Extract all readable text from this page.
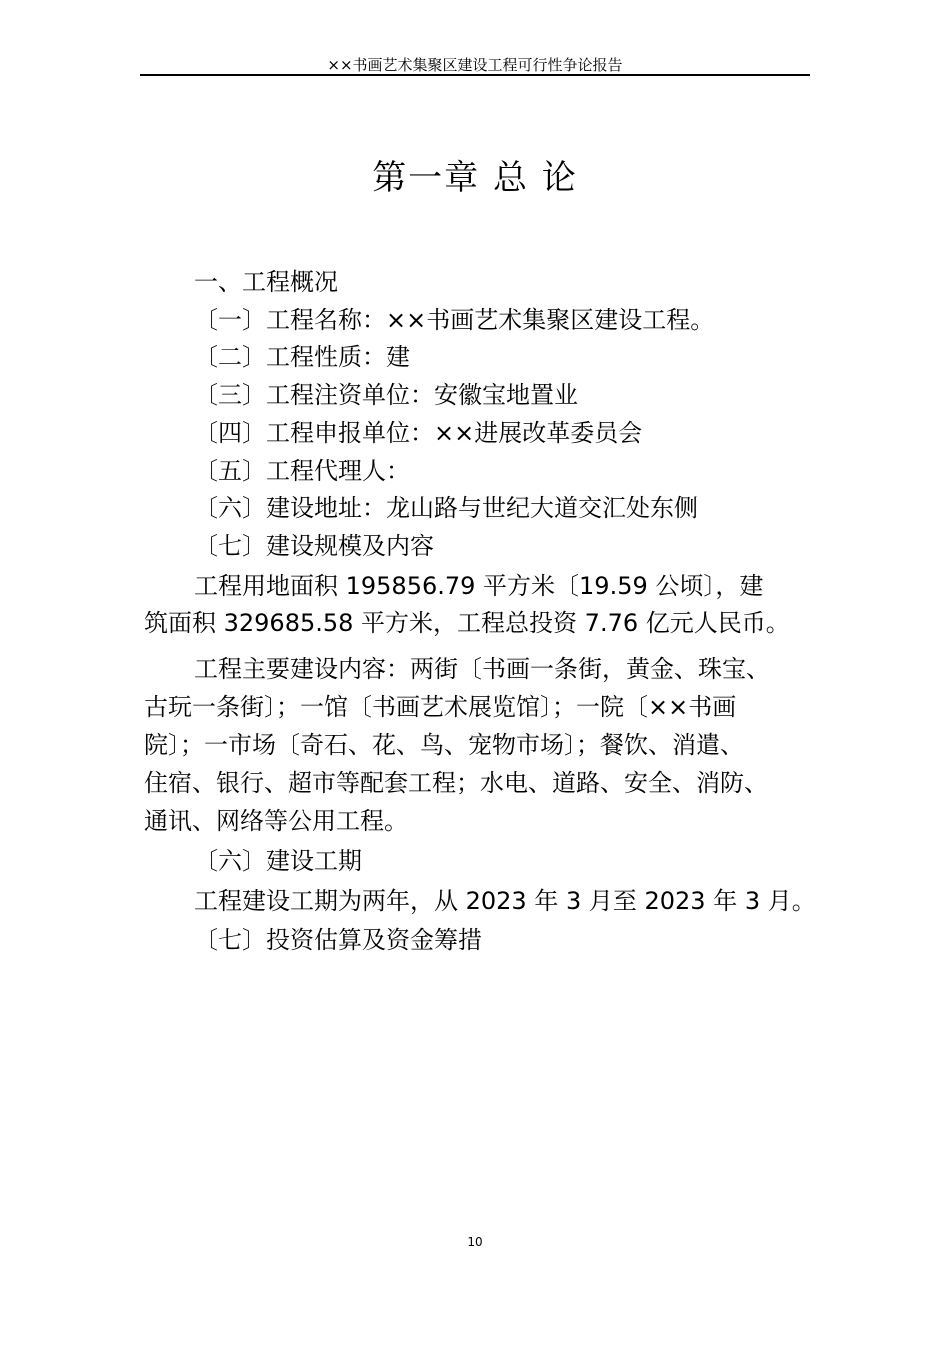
××书画艺术集聚区建设工程可行性争论报告
第一章 总 论
一、工程概况
〔一〕工程名称：××书画艺术集聚区建设工程。
〔二〕工程性质：建
〔三〕工程注资单位：安徽宝地置业
〔四〕工程申报单位：××进展改革委员会
〔五〕工程代理人：
〔六〕建设地址：龙山路与世纪大道交汇处东侧
〔七〕建设规模及内容
工程用地面积 195856.79 平方米〔19.59 公顷〕，建
筑面积 329685.58 平方米，工程总投资 7.76 亿元人民币。
工程主要建设内容：两街〔书画一条街，黄金、珠宝、
古玩一条街〕；一馆〔书画艺术展览馆〕；一院〔××书画
院〕；一市场〔奇石、花、鸟、宠物市场〕；餐饮、消遣、
住宿、银行、超市等配套工程；水电、道路、安全、消防、
通讯、网络等公用工程。
〔六〕建设工期
工程建设工期为两年，从 2023 年 3 月至 2023 年 3 月。
〔七〕投资估算及资金筹措
10
